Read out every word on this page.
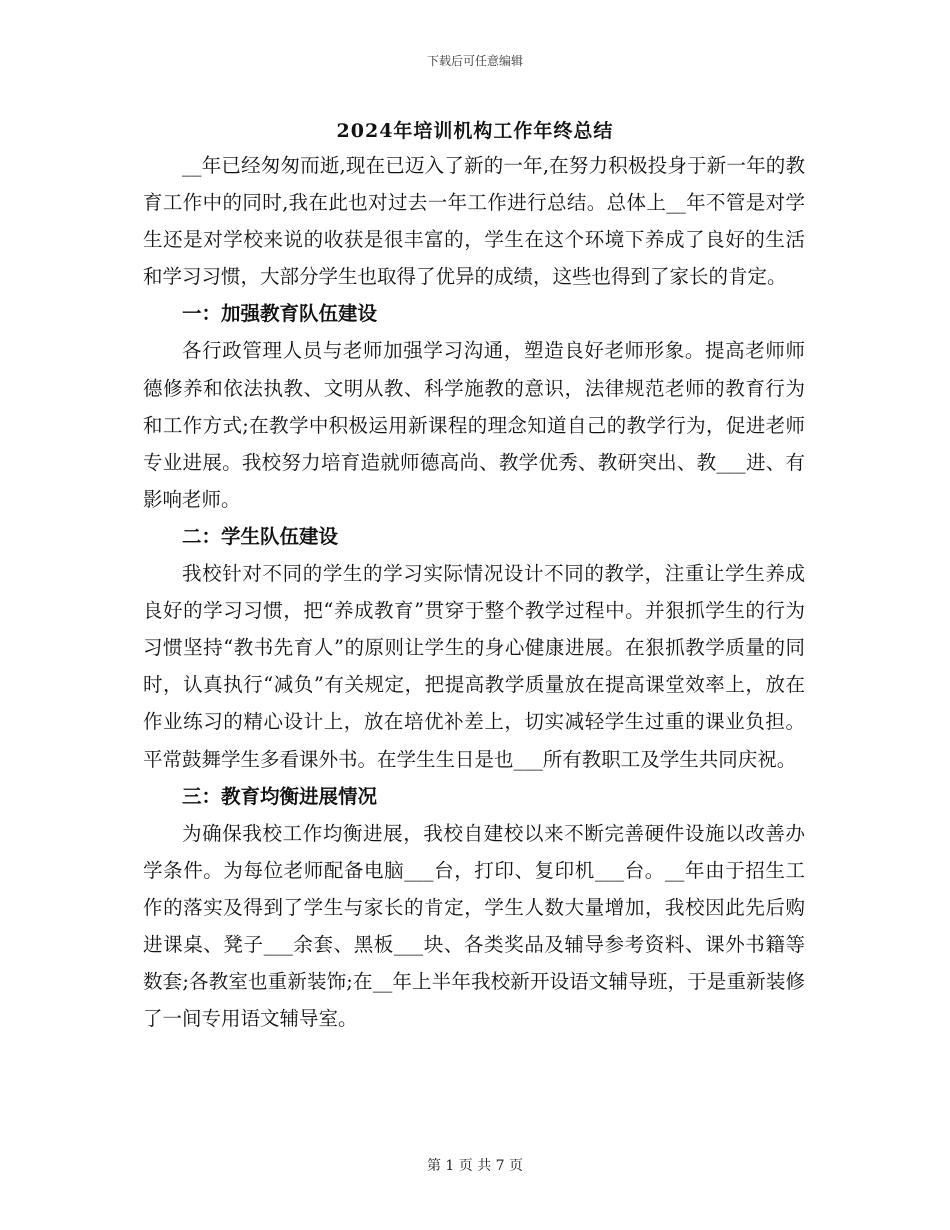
下载后可任意编辑
2024年培训机构工作年终总结

__年已经匆匆而逝,现在已迈入了新的一年,在努力积极投身于新一年的教育工作中的同时,我在此也对过去一年工作进行总结。总体上__年不管是对学生还是对学校来说的收获是很丰富的，学生在这个环境下养成了良好的生活和学习习惯，大部分学生也取得了优异的成绩，这些也得到了家长的肯定。

一：加强教育队伍建设

各行政管理人员与老师加强学习沟通，塑造良好老师形象。提高老师师德修养和依法执教、文明从教、科学施教的意识，法律规范老师的教育行为和工作方式;在教学中积极运用新课程的理念知道自己的教学行为，促进老师专业进展。我校努力培育造就师德高尚、教学优秀、教研突出、教___进、有影响老师。

二：学生队伍建设

我校针对不同的学生的学习实际情况设计不同的教学，注重让学生养成良好的学习习惯，把“养成教育”贯穿于整个教学过程中。并狠抓学生的行为习惯坚持“教书先育人”的原则让学生的身心健康进展。在狠抓教学质量的同时，认真执行“减负”有关规定，把提高教学质量放在提高课堂效率上，放在作业练习的精心设计上，放在培优补差上，切实减轻学生过重的课业负担。平常鼓舞学生多看课外书。在学生生日是也___所有教职工及学生共同庆祝。

三：教育均衡进展情况

为确保我校工作均衡进展，我校自建校以来不断完善硬件设施以改善办学条件。为每位老师配备电脑___台，打印、复印机___台。__年由于招生工作的落实及得到了学生与家长的肯定，学生人数大量增加，我校因此先后购进课桌、凳子___余套、黑板___块、各类奖品及辅导参考资料、课外书籍等数套;各教室也重新装饰;在__年上半年我校新开设语文辅导班，于是重新装修了一间专用语文辅导室。

第 1 页 共 7 页
